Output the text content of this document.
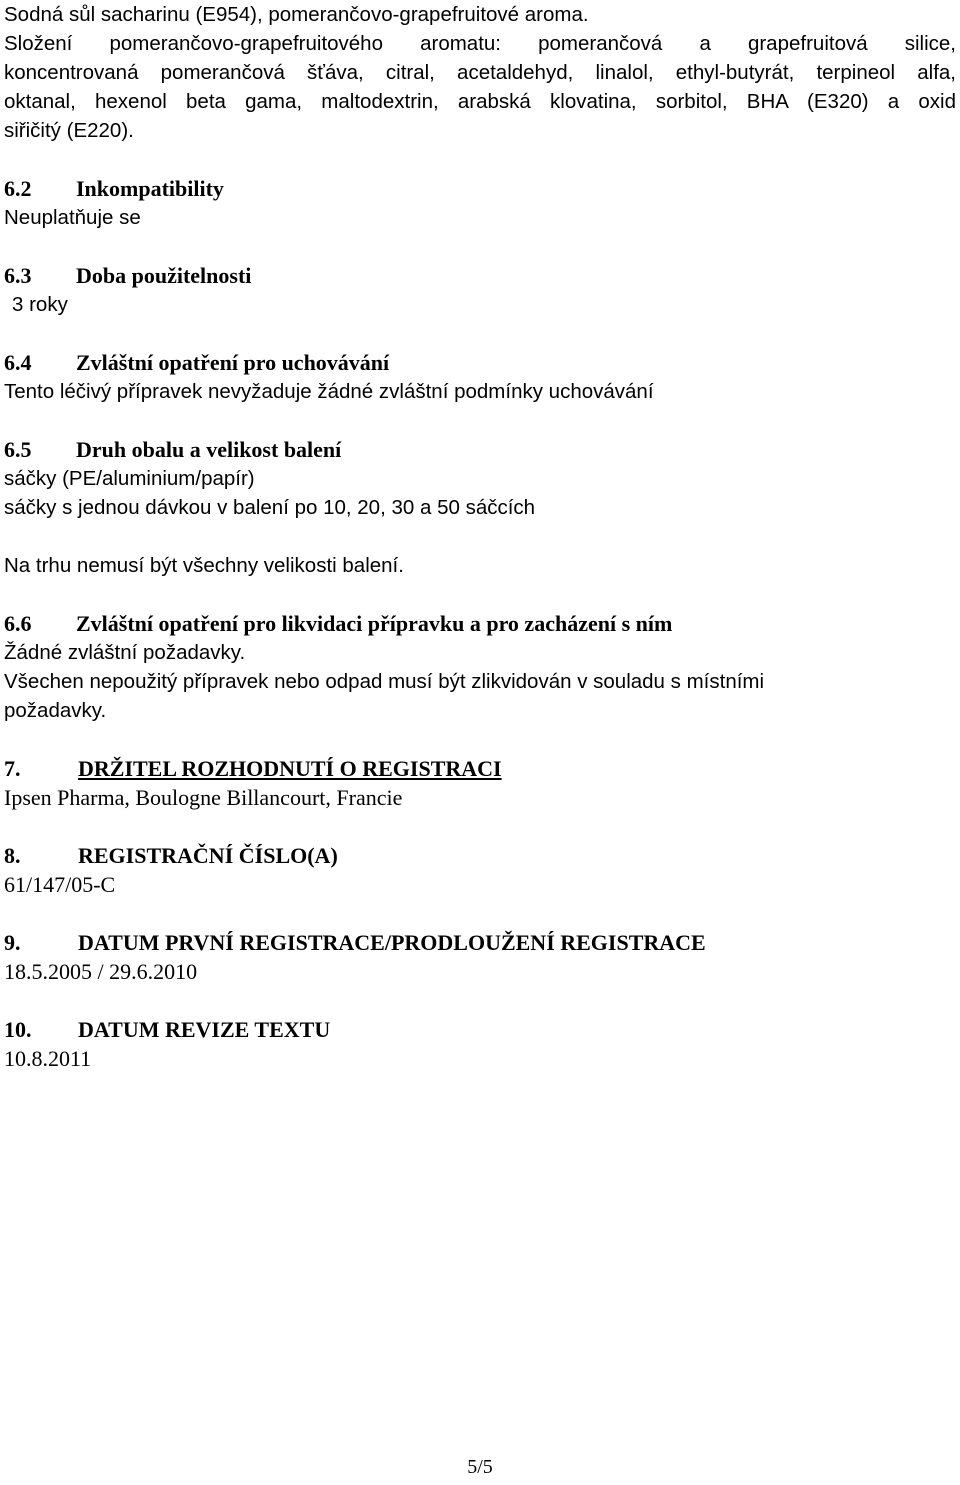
Sodná sůl sacharinu (E954), pomerančovo-grapefruitové aroma.
Složení pomerančovo-grapefruitového aromatu: pomerančová a grapefruitová silice,
koncentrovaná pomerančová šťáva, citral, acetaldehyd, linalol, ethyl-butyrát, terpineol alfa,
oktanal, hexenol beta gama, maltodextrin, arabská klovatina, sorbitol, BHA (E320) a oxid
siřičitý (E220).
6.2 Inkompatibility
Neuplatňuje se
6.3 Doba použitelnosti
3 roky
6.4 Zvláštní opatření pro uchovávání
Tento léčivý přípravek nevyžaduje žádné zvláštní podmínky uchovávání
6.5 Druh obalu a velikost balení
sáčky (PE/aluminium/papír)
sáčky s jednou dávkou v balení po 10, 20, 30 a 50 sáčcích
Na trhu nemusí být všechny velikosti balení.
6.6 Zvláštní opatření pro likvidaci přípravku a pro zacházení s ním
Žádné zvláštní požadavky.
Všechen nepoužitý přípravek nebo odpad musí být zlikvidován v souladu s místními
požadavky.
7.	DRŽITEL ROZHODNUTÍ O REGISTRACI
Ipsen Pharma, Boulogne Billancourt, Francie
8.	REGISTRAČNÍ ČÍSLO(A)
61/147/05-C
9.	DATUM PRVNÍ REGISTRACE/PRODLOUŽENÍ REGISTRACE
18.5.2005 / 29.6.2010
10. DATUM REVIZE TEXTU
10.8.2011
5/5
